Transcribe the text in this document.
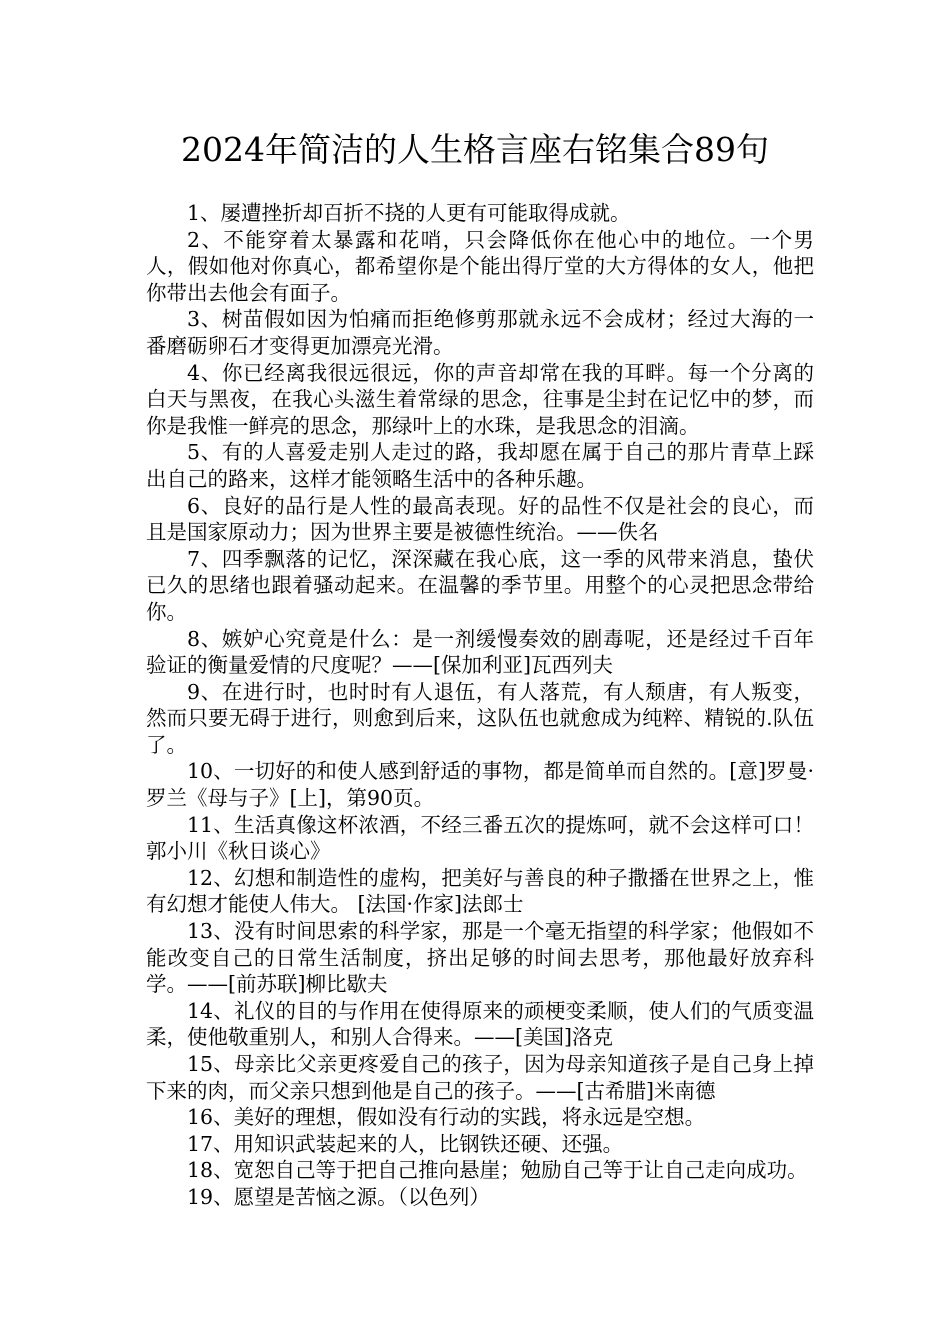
2024年简洁的人生格言座右铭集合89句

1、屡遭挫折却百折不挠的人更有可能取得成就。

2、不能穿着太暴露和花哨，只会降低你在他心中的地位。一个男人，假如他对你真心，都希望你是个能出得厅堂的大方得体的女人，他把你带出去他会有面子。

3、树苗假如因为怕痛而拒绝修剪那就永远不会成材；经过大海的一番磨砺卵石才变得更加漂亮光滑。

4、你已经离我很远很远，你的声音却常在我的耳畔。每一个分离的白天与黑夜，在我心头滋生着常绿的思念，往事是尘封在记忆中的梦，而你是我惟一鲜亮的思念，那绿叶上的水珠，是我思念的泪滴。

5、有的人喜爱走别人走过的路，我却愿在属于自己的那片青草上踩出自己的路来，这样才能领略生活中的各种乐趣。

6、良好的品行是人性的最高表现。好的品性不仅是社会的良心，而且是国家原动力；因为世界主要是被德性统治。——佚名

7、四季飘落的记忆，深深藏在我心底，这一季的风带来消息，蛰伏已久的思绪也跟着骚动起来。在温馨的季节里。用整个的心灵把思念带给你。

8、嫉妒心究竟是什么：是一剂缓慢奏效的剧毒呢，还是经过千百年验证的衡量爱情的尺度呢？——[保加利亚]瓦西列夫

9、在进行时，也时时有人退伍，有人落荒，有人颓唐，有人叛变，然而只要无碍于进行，则愈到后来，这队伍也就愈成为纯粹、精锐的.队伍了。

10、一切好的和使人感到舒适的事物，都是简单而自然的。[意]罗曼·罗兰《母与子》[上]，第90页。

11、生活真像这杯浓酒，不经三番五次的提炼呵，就不会这样可口！郭小川《秋日谈心》

12、幻想和制造性的虚构，把美好与善良的种子撒播在世界之上，惟有幻想才能使人伟大。 [法国·作家]法郎士

13、没有时间思索的科学家，那是一个毫无指望的科学家；他假如不能改变自己的日常生活制度，挤出足够的时间去思考，那他最好放弃科学。——[前苏联]柳比歇夫

14、礼仪的目的与作用在使得原来的顽梗变柔顺，使人们的气质变温柔，使他敬重别人，和别人合得来。——[美国]洛克

15、母亲比父亲更疼爱自己的孩子，因为母亲知道孩子是自己身上掉下来的肉，而父亲只想到他是自己的孩子。——[古希腊]米南德

16、美好的理想，假如没有行动的实践，将永远是空想。

17、用知识武装起来的人，比钢铁还硬、还强。

18、宽恕自己等于把自己推向悬崖；勉励自己等于让自己走向成功。

19、愿望是苦恼之源。（以色列）
